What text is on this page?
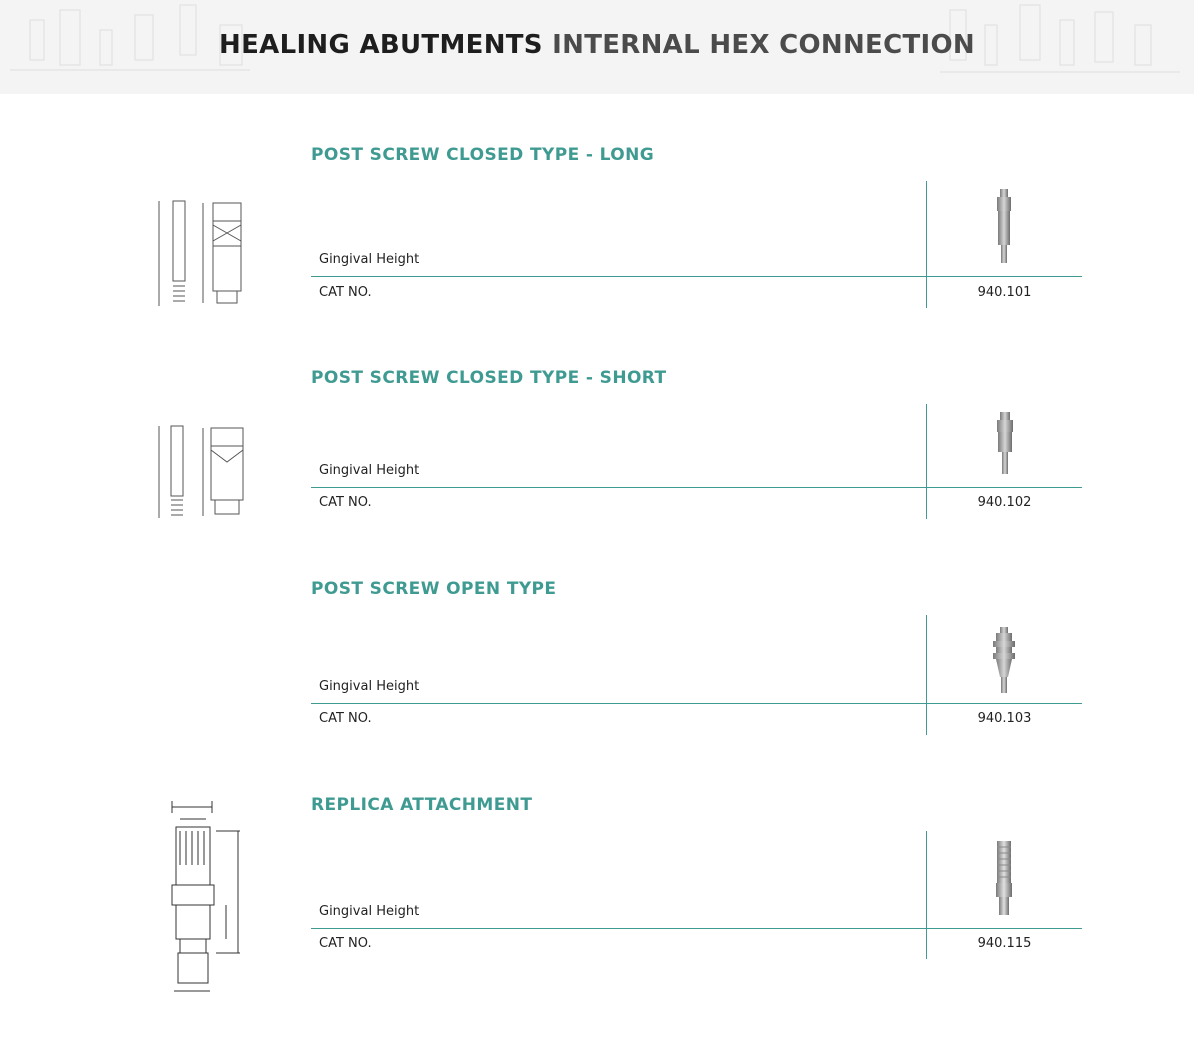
HEALING ABUTMENTS INTERNAL HEX CONNECTION
POST SCREW CLOSED TYPE - LONG
Gingival Height
CAT NO.	940.101
POST SCREW CLOSED TYPE - SHORT
Gingival Height
CAT NO.	940.102
POST SCREW OPEN TYPE
Gingival Height
CAT NO.	940.103
REPLICA ATTACHMENT
Gingival Height
CAT NO.	940.115
